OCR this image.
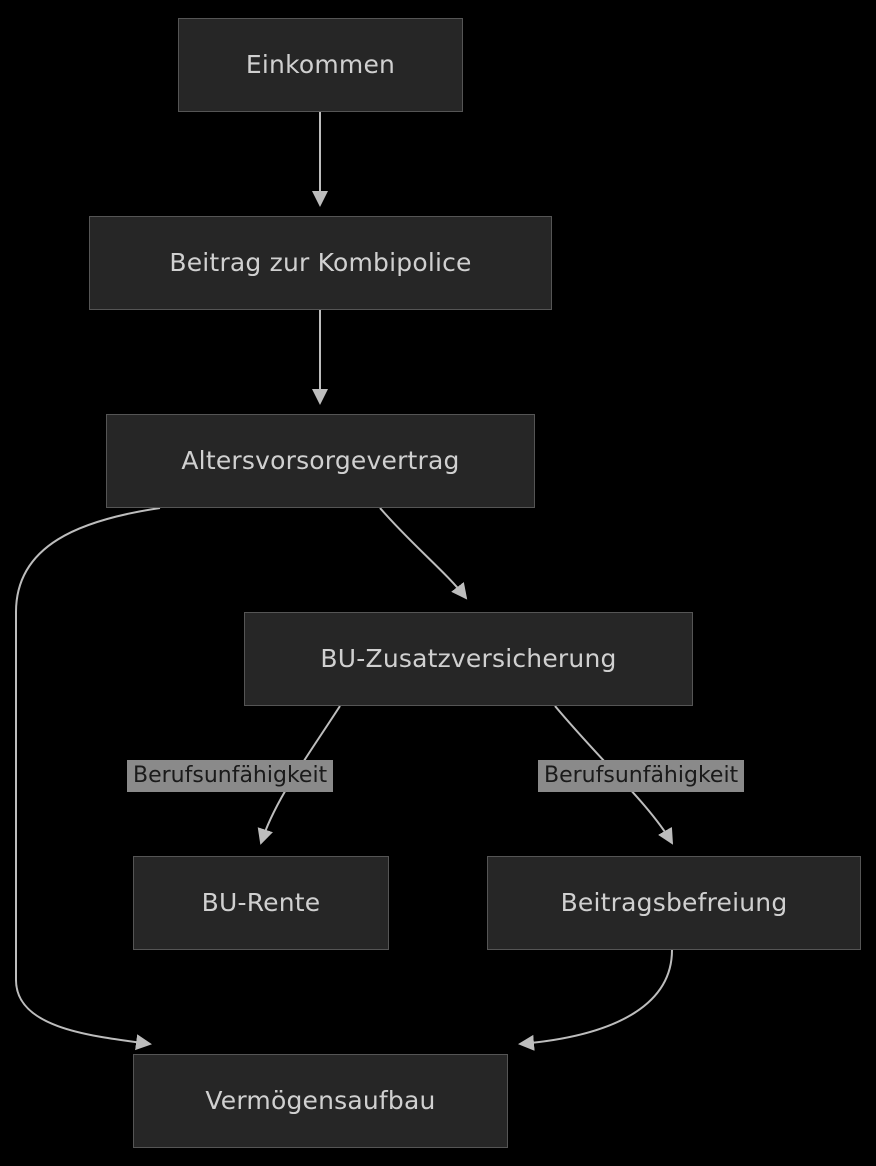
Einkommen
Beitrag zur Kombipolice
Altersvorsorgevertrag
BU-Zusatzversicherung
BU-Rente	Beitragsbefreiung
Vermögensaufbau
Berufsunfähigkeit	Berufsunfähigkeit
